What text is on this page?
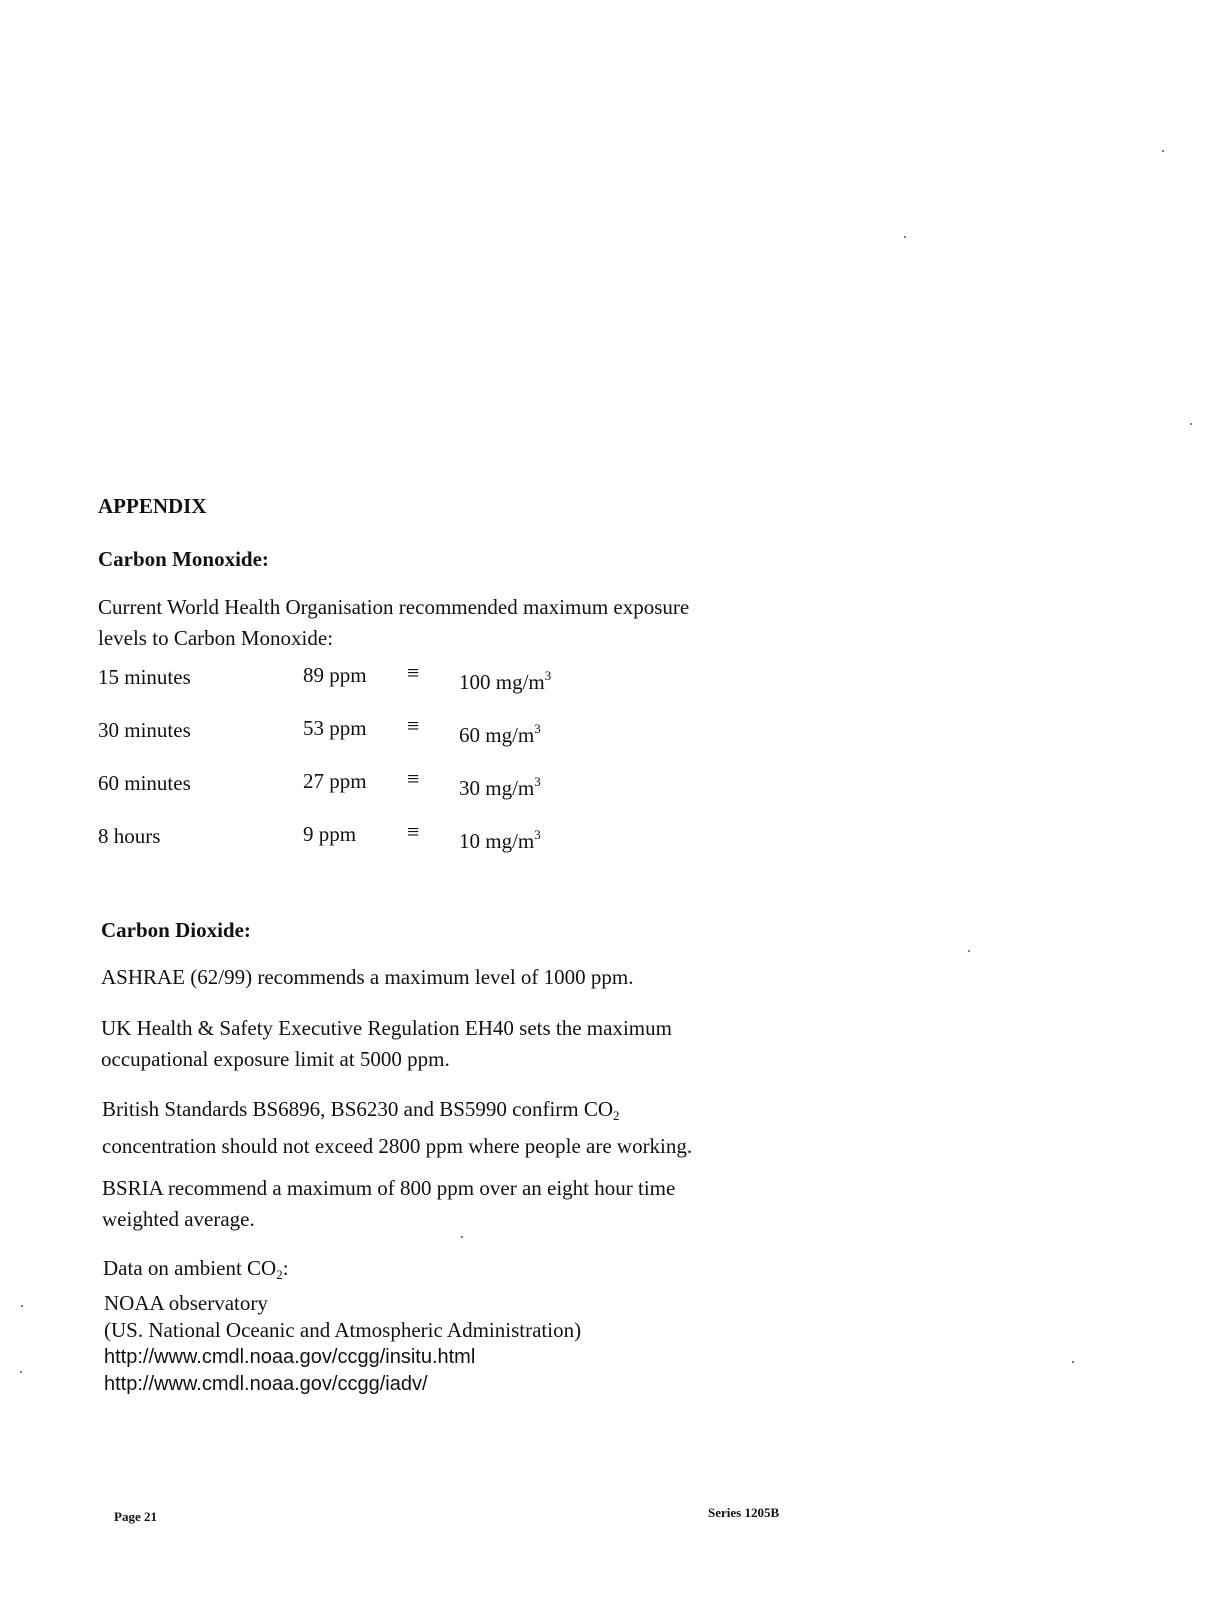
APPENDIX
Carbon Monoxide:
Current World Health Organisation recommended maximum exposure
levels to Carbon Monoxide:
15 minutes	89 ppm ≡ 100 $mg/m^3$
30 minutes	53 ppm ≡ 60 $mg/m^3$
60 minutes	27 ppm ≡ 30 $mg/m^3$
8 hours	9 ppm ≡ 10 $mg/m^3$
Carbon Dioxide:
ASHRAE (62/99) recommends a maximum level of 1000 ppm.
UK Health & Safety Executive Regulation EH40 sets the maximum
occupational exposure limit at 5000 ppm.
British Standards BS6896, BS6230 and BS5990 confirm $CO_2$
concentration should not exceed 2800 ppm where people are working.
BSRIA recommend a maximum of 800 ppm over an eight hour time
weighted average.
Data on ambient $CO_2$:
NOAA observatory
(US. National Oceanic and Atmospheric Administration)
http://www.cmdl.noaa.gov/ccgg/insitu.html
http://www.cmdl.noaa.gov/ccgg/iadv/
Page 21	Series 1205B
